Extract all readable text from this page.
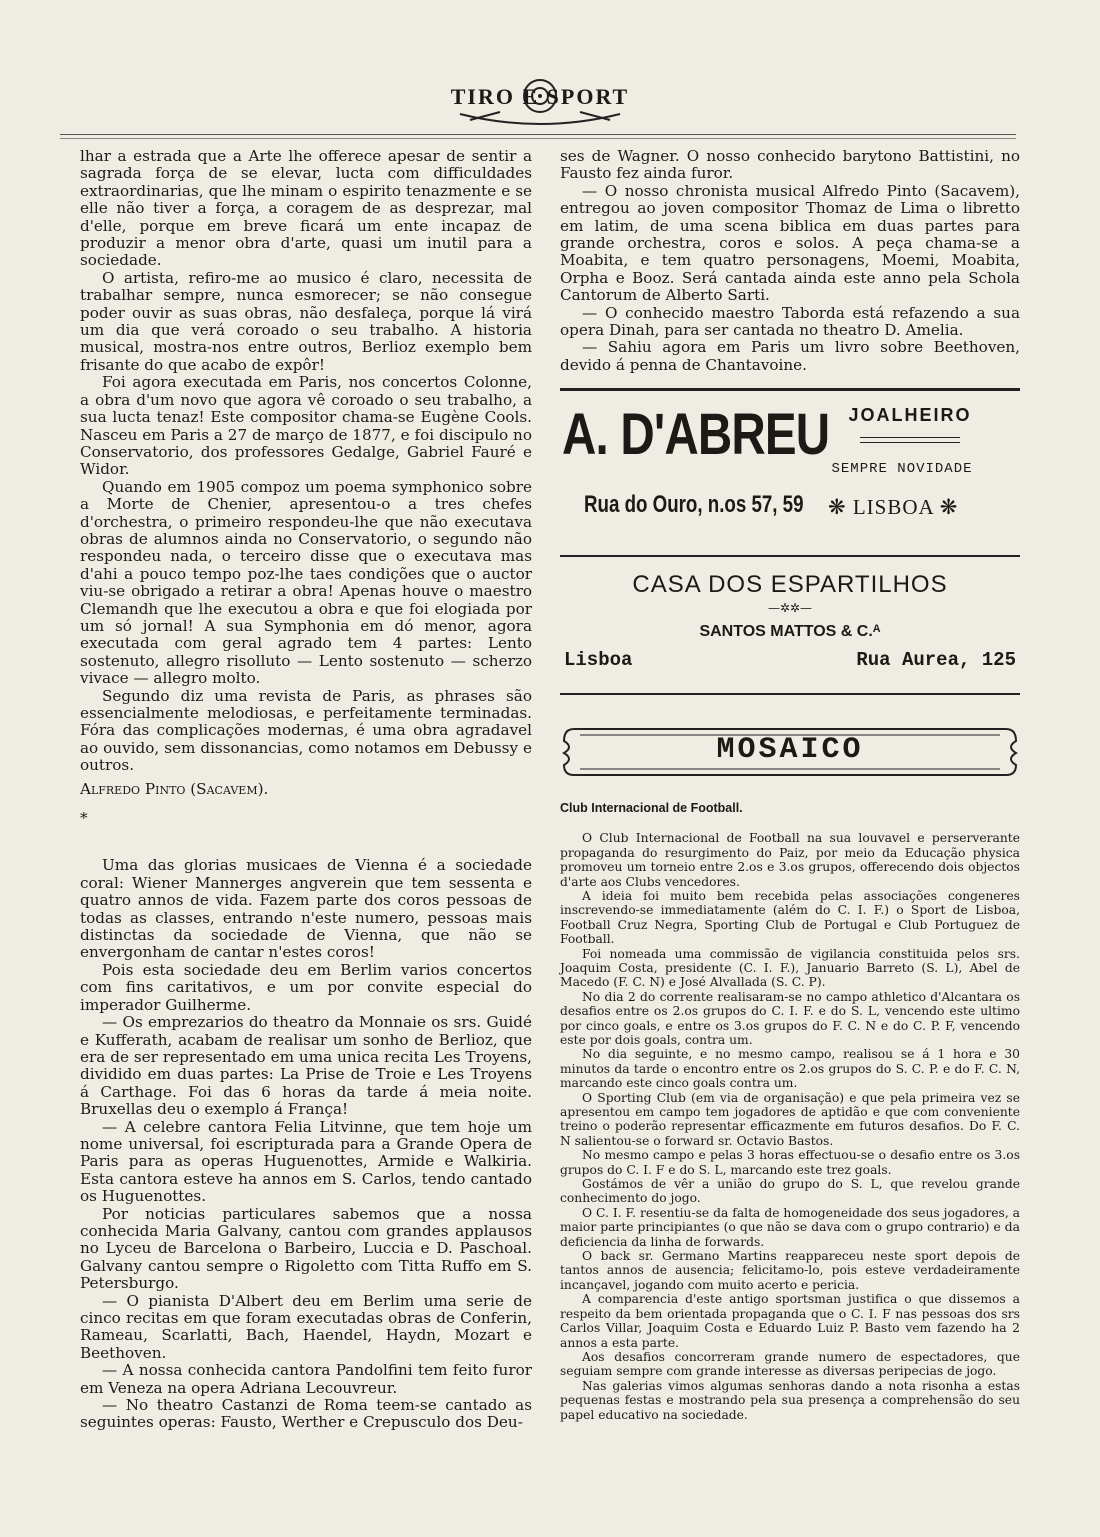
TIRO E SPORT

lhar a estrada que a Arte lhe offerece apesar de sentir a sagrada força de se elevar, lucta com difficuldades extraordinarias, que lhe minam o espirito tenazmente e se elle não tiver a força, a coragem de as desprezar, mal d'elle, porque em breve ficará um ente incapaz de produzir a menor obra d'arte, quasi um inutil para a sociedade.

O artista, refiro-me ao musico é claro, necessita de trabalhar sempre, nunca esmorecer; se não consegue poder ouvir as suas obras, não desfaleça, porque lá virá um dia que verá coroado o seu trabalho. A historia musical, mostra-nos entre outros, Berlioz exemplo bem frisante do que acabo de expôr!

Foi agora executada em Paris, nos concertos Colonne, a obra d'um novo que agora vê coroado o seu trabalho, a sua lucta tenaz! Este compositor chama-se Eugène Cools. Nasceu em Paris a 27 de março de 1877, e foi discipulo no Conservatorio, dos professores Gedalge, Gabriel Fauré e Widor.

Quando em 1905 compoz um poema symphonico sobre a Morte de Chenier, apresentou-o a tres chefes d'orchestra, o primeiro respondeu-lhe que não executava obras de alumnos ainda no Conservatorio, o segundo não respondeu nada, o terceiro disse que o executava mas d'ahi a pouco tempo poz-lhe taes condições que o auctor viu-se obrigado a retirar a obra! Apenas houve o maestro Clemandh que lhe executou a obra e que foi elogiada por um só jornal! A sua Symphonia em dó menor, agora executada com geral agrado tem 4 partes: Lento sostenuto, allegro risolluto — Lento sostenuto — scherzo vivace — allegro molto.

Segundo diz uma revista de Paris, as phrases são essencialmente melodiosas, e perfeitamente terminadas. Fóra das complicações modernas, é uma obra agradavel ao ouvido, sem dissonancias, como notamos em Debussy e outros.

Alfredo Pinto (Sacavem).

*

Uma das glorias musicaes de Vienna é a sociedade coral: Wiener Mannerges angverein que tem sessenta e quatro annos de vida. Fazem parte dos coros pessoas de todas as classes, entrando n'este numero, pessoas mais distinctas da sociedade de Vienna, que não se envergonham de cantar n'estes coros!

Pois esta sociedade deu em Berlim varios concertos com fins caritativos, e um por convite especial do imperador Guilherme.

— Os emprezarios do theatro da Monnaie os srs. Guidé e Kufferath, acabam de realisar um sonho de Berlioz, que era de ser representado em uma unica recita Les Troyens, dividido em duas partes: La Prise de Troie e Les Troyens á Carthage. Foi das 6 horas da tarde á meia noite. Bruxellas deu o exemplo á França!

— A celebre cantora Felia Litvinne, que tem hoje um nome universal, foi escripturada para a Grande Opera de Paris para as operas Huguenottes, Armide e Walkiria. Esta cantora esteve ha annos em S. Carlos, tendo cantado os Huguenottes.

Por noticias particulares sabemos que a nossa conhecida Maria Galvany, cantou com grandes applausos no Lyceu de Barcelona o Barbeiro, Luccia e D. Paschoal. Galvany cantou sempre o Rigoletto com Titta Ruffo em S. Petersburgo.

— O pianista D'Albert deu em Berlim uma serie de cinco recitas em que foram executadas obras de Conferin, Rameau, Scarlatti, Bach, Haendel, Haydn, Mozart e Beethoven.

— A nossa conhecida cantora Pandolfini tem feito furor em Veneza na opera Adriana Lecouvreur.

— No theatro Castanzi de Roma teem-se cantado as seguintes operas: Fausto, Werther e Crepusculo dos Deu-

ses de Wagner. O nosso conhecido barytono Battistini, no Fausto fez ainda furor.

— O nosso chronista musical Alfredo Pinto (Sacavem), entregou ao joven compositor Thomaz de Lima o libretto em latim, de uma scena biblica em duas partes para grande orchestra, coros e solos. A peça chama-se a Moabita, e tem quatro personagens, Moemi, Moabita, Orpha e Booz. Será cantada ainda este anno pela Schola Cantorum de Alberto Sarti.

— O conhecido maestro Taborda está refazendo a sua opera Dinah, para ser cantada no theatro D. Amelia.

— Sahiu agora em Paris um livro sobre Beethoven, devido á penna de Chantavoine.

A. D'ABREU	JOALHEIRO
SEMPRE NOVIDADE
Rua do Ouro, n.os 57, 59 ❋ LISBOA ❋
CASA DOS ESPARTILHOS
—✲✲—
SANTOS MATTOS & C.ᴬ
Lisboa	Rua Aurea, 125
MOSAICO
Club Internacional de Football.

O Club Internacional de Football na sua louvavel e perserverante propaganda do resurgimento do Paiz, por meio da Educação physica promoveu um torneio entre 2.os e 3.os grupos, offerecendo dois objectos d'arte aos Clubs vencedores.

A ideia foi muito bem recebida pelas associações congeneres inscrevendo-se immediatamente (além do C. I. F.) o Sport de Lisboa, Football Cruz Negra, Sporting Club de Portugal e Club Portuguez de Football.

Foi nomeada uma commissão de vigilancia constituida pelos srs. Joaquim Costa, presidente (C. I. F.), Januario Barreto (S. L), Abel de Macedo (F. C. N) e José Alvallada (S. C. P).

No dia 2 do corrente realisaram-se no campo athletico d'Alcantara os desafios entre os 2.os grupos do C. I. F. e do S. L, vencendo este ultimo por cinco goals, e entre os 3.os grupos do F. C. N e do C. P. F, vencendo este por dois goals, contra um.

No dia seguinte, e no mesmo campo, realisou se á 1 hora e 30 minutos da tarde o encontro entre os 2.os grupos do S. C. P. e do F. C. N, marcando este cinco goals contra um.

O Sporting Club (em via de organisação) e que pela primeira vez se apresentou em campo tem jogadores de aptidão e que com conveniente treino o poderão representar efficazmente em futuros desafios. Do F. C. N salientou-se o forward sr. Octavio Bastos.

No mesmo campo e pelas 3 horas effectuou-se o desafio entre os 3.os grupos do C. I. F e do S. L, marcando este trez goals.

Gostámos de vêr a união do grupo do S. L, que revelou grande conhecimento do jogo.

O C. I. F. resentiu-se da falta de homogeneidade dos seus jogadores, a maior parte principiantes (o que não se dava com o grupo contrario) e da deficiencia da linha de forwards.

O back sr. Germano Martins reappareceu neste sport depois de tantos annos de ausencia; felicitamo-lo, pois esteve verdadeiramente incançavel, jogando com muito acerto e pericia.

A comparencia d'este antigo sportsman justifica o que dissemos a respeito da bem orientada propaganda que o C. I. F nas pessoas dos srs Carlos Villar, Joaquim Costa e Eduardo Luiz P. Basto vem fazendo ha 2 annos a esta parte.

Aos desafios concorreram grande numero de espectadores, que seguiam sempre com grande interesse as diversas peripecias de jogo.

Nas galerias vimos algumas senhoras dando a nota risonha a estas pequenas festas e mostrando pela sua presença a comprehensão do seu papel educativo na sociedade.
